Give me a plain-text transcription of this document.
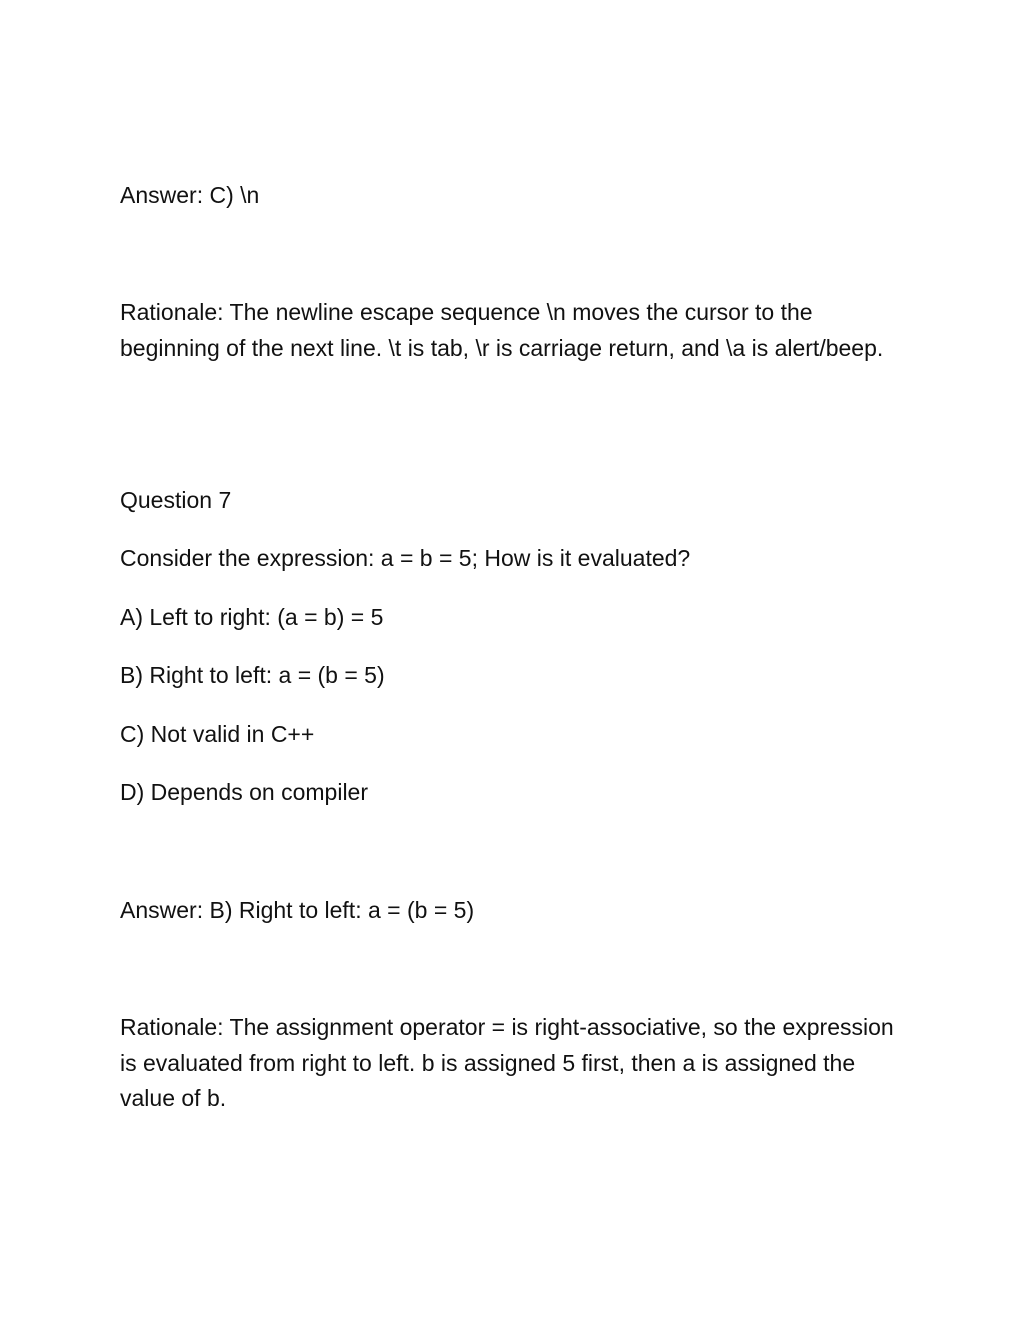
Answer: C) \n

Rationale: The newline escape sequence \n moves the cursor to the beginning of the next line. \t is tab, \r is carriage return, and \a is alert/beep.

Question 7

Consider the expression: a = b = 5; How is it evaluated?

A) Left to right: (a = b) = 5

B) Right to left: a = (b = 5)

C) Not valid in C++

D) Depends on compiler

Answer: B) Right to left: a = (b = 5)

Rationale: The assignment operator = is right-associative, so the expression is evaluated from right to left. b is assigned 5 first, then a is assigned the value of b.
